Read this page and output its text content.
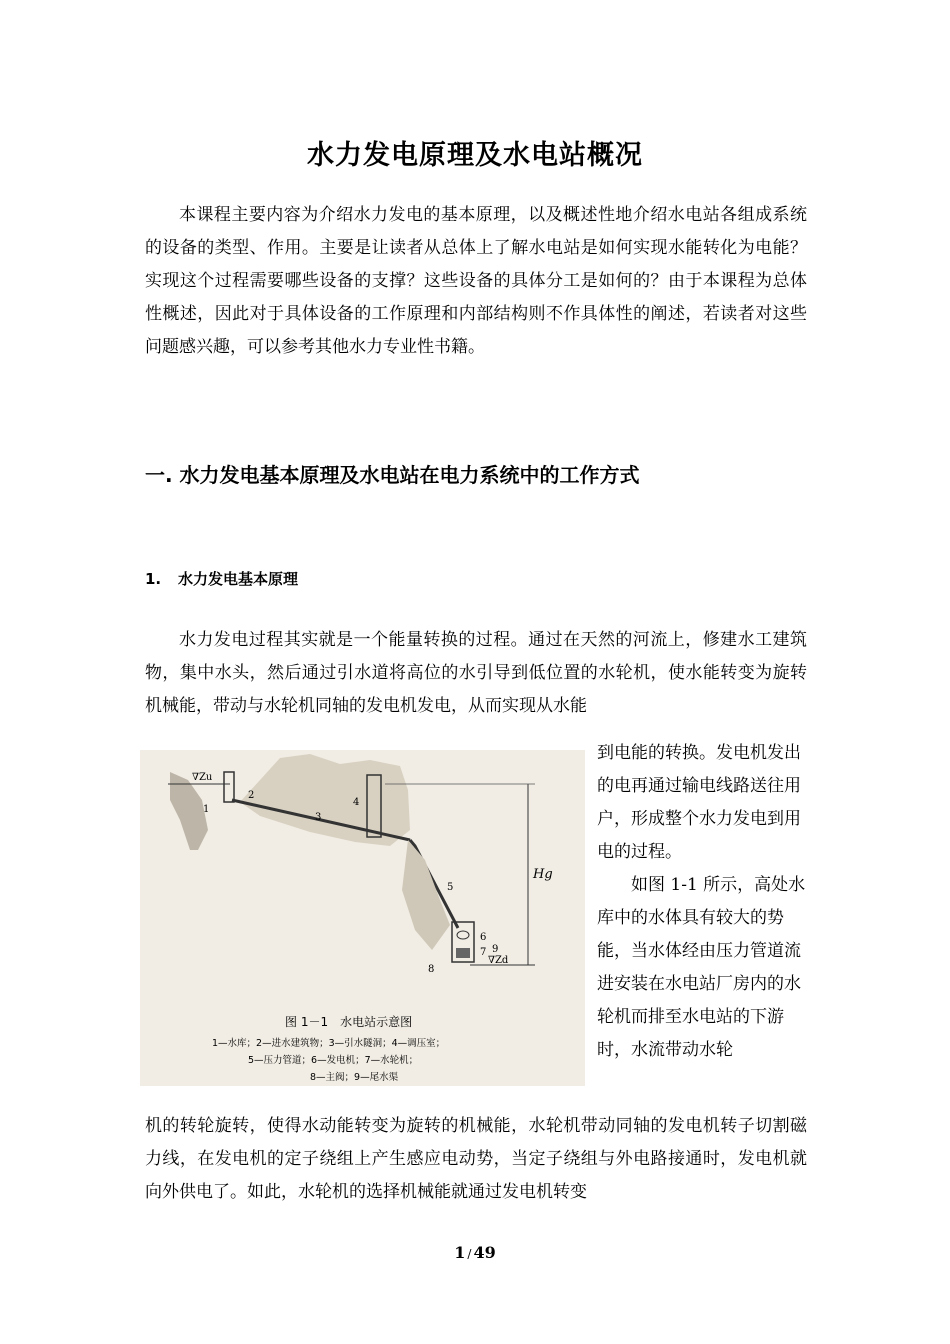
水力发电原理及水电站概况

本课程主要内容为介绍水力发电的基本原理，以及概述性地介绍水电站各组成系统的设备的类型、作用。主要是让读者从总体上了解水电站是如何实现水能转化为电能？实现这个过程需要哪些设备的支撑？这些设备的具体分工是如何的？由于本课程为总体性概述，因此对于具体设备的工作原理和内部结构则不作具体性的阐述，若读者对这些问题感兴趣，可以参考其他水力专业性书籍。

一. 水力发电基本原理及水电站在电力系统中的工作方式
1. 水力发电基本原理

水力发电过程其实就是一个能量转换的过程。通过在天然的河流上，修建水工建筑物，集中水头，然后通过引水道将高位的水引导到低位置的水轮机，使水能转变为旋转机械能，带动与水轮机同轴的发电机发电，从而实现从水能

Hg
∇Zu
∇Zd
1
2
3
4
5
6
7
8
9
图 1－1　水电站示意图
1—水库；2—进水建筑物；3—引水隧洞；4—调压室；
5—压力管道；6—发电机；7—水轮机；
8—主阀；9—尾水渠

到电能的转换。发电机发出的电再通过输电线路送往用户，形成整个水力发电到用电的过程。
如图 1-1 所示，高处水库中的水体具有较大的势能，当水体经由压力管道流进安装在水电站厂房内的水轮机而排至水电站的下游时，水流带动水轮

机的转轮旋转，使得水动能转变为旋转的机械能，水轮机带动同轴的发电机转子切割磁力线，在发电机的定子绕组上产生感应电动势，当定子绕组与外电路接通时，发电机就向外供电了。如此，水轮机的选择机械能就通过发电机转变

1 / 49
